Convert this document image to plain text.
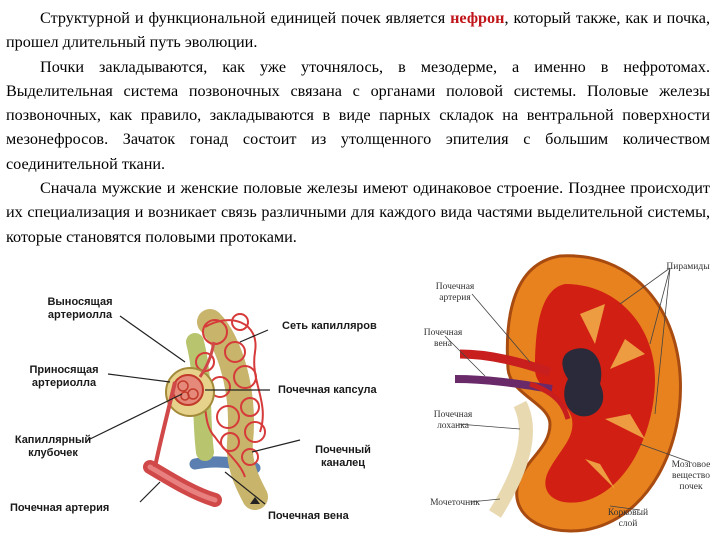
Структурной и функциональной единицей почек является нефрон, который также, как и почка, прошел длительный путь эволюции.

Почки закладываются, как уже уточнялось, в мезодерме, а именно в нефротомах. Выделительная система позвоночных связана с органами половой системы. Половые железы позвоночных, как правило, закладываются в виде парных складок на вентральной поверхности мезонефросов. Зачаток гонад состоит из утолщенного эпителия с большим количеством соединительной ткани.

Сначала мужские и женские половые железы имеют одинаковое строение. Позднее происходит их специализация и возникает связь различными для каждого вида частями выделительной системы, которые становятся половыми протоками.

Выносящая артериолла
Сеть капилляров
Приносящая артериолла
Почечная капсула
Капиллярный клубочек	Почечный каналец
Почечная артерия
Почечная вена
Пирамиды
Почечная артерия
Почечная вена
Почечная лоханка
Мозговое вещество почек
Мочеточник
Корковый слой
